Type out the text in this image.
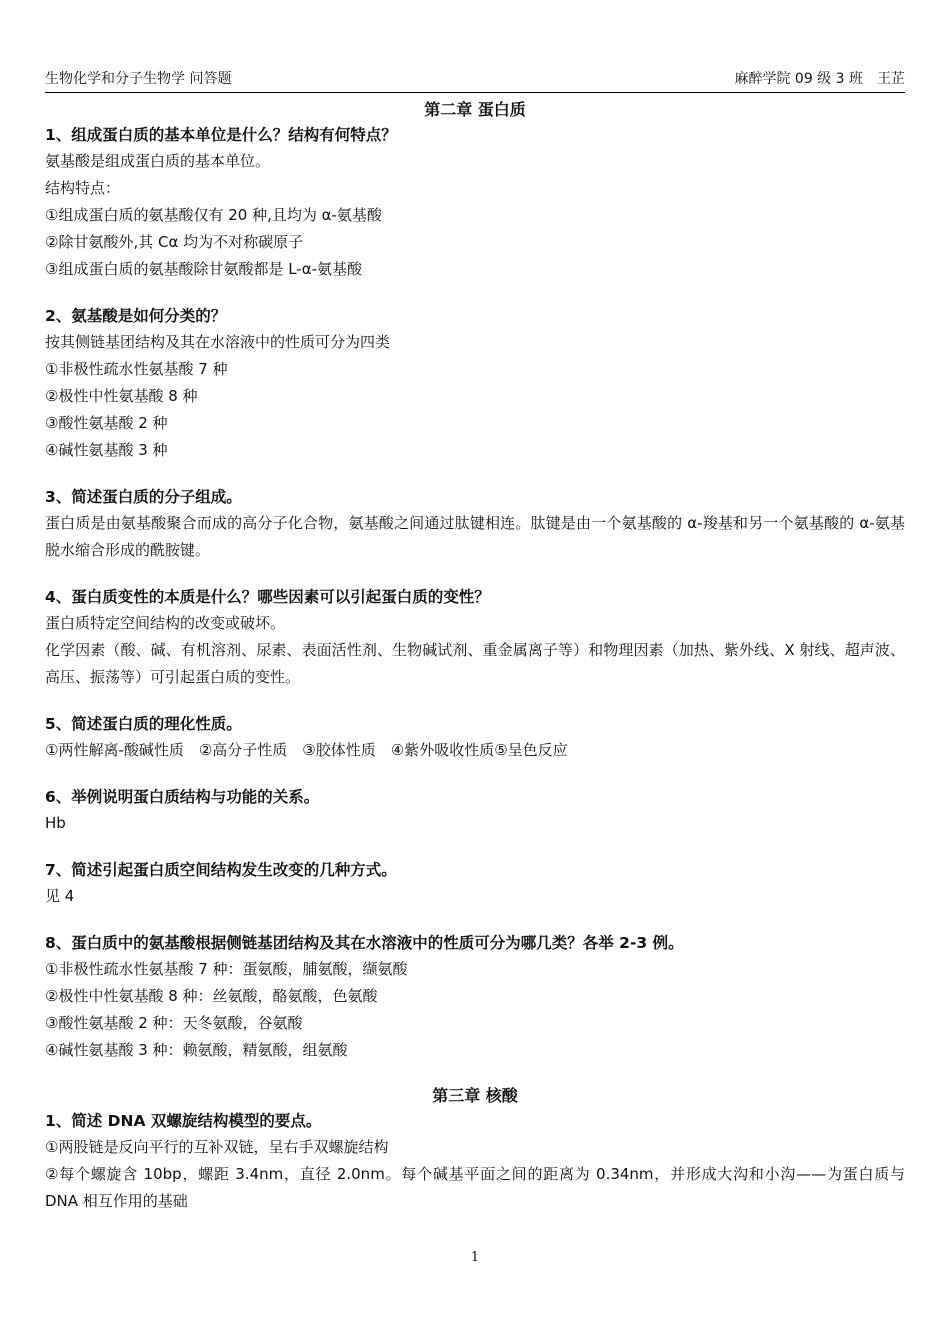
生物化学和分子生物学 问答题	麻醉学院 09 级 3 班　王芷
第二章 蛋白质
1、组成蛋白质的基本单位是什么？结构有何特点？
氨基酸是组成蛋白质的基本单位。
结构特点：
①组成蛋白质的氨基酸仅有 20 种,且均为 α-氨基酸
②除甘氨酸外,其 Cα 均为不对称碳原子
③组成蛋白质的氨基酸除甘氨酸都是 L-α-氨基酸
2、氨基酸是如何分类的？
按其侧链基团结构及其在水溶液中的性质可分为四类
①非极性疏水性氨基酸 7 种
②极性中性氨基酸 8 种
③酸性氨基酸 2 种
④碱性氨基酸 3 种
3、简述蛋白质的分子组成。
蛋白质是由氨基酸聚合而成的高分子化合物，氨基酸之间通过肽键相连。肽键是由一个氨基酸的 α-羧基和另一个氨基酸的 α-氨基脱水缩合形成的酰胺键。
4、蛋白质变性的本质是什么？哪些因素可以引起蛋白质的变性？
蛋白质特定空间结构的改变或破坏。
化学因素（酸、碱、有机溶剂、尿素、表面活性剂、生物碱试剂、重金属离子等）和物理因素（加热、紫外线、X 射线、超声波、高压、振荡等）可引起蛋白质的变性。
5、简述蛋白质的理化性质。
①两性解离-酸碱性质　②高分子性质　③胶体性质　④紫外吸收性质⑤呈色反应
6、举例说明蛋白质结构与功能的关系。
Hb
7、简述引起蛋白质空间结构发生改变的几种方式。
见 4
8、蛋白质中的氨基酸根据侧链基团结构及其在水溶液中的性质可分为哪几类？各举 2-3 例。
①非极性疏水性氨基酸 7 种：蛋氨酸，脯氨酸，缬氨酸
②极性中性氨基酸 8 种：丝氨酸，酪氨酸，色氨酸
③酸性氨基酸 2 种：天冬氨酸，谷氨酸
④碱性氨基酸 3 种：赖氨酸，精氨酸，组氨酸
第三章 核酸
1、简述 DNA 双螺旋结构模型的要点。
①两股链是反向平行的互补双链，呈右手双螺旋结构
②每个螺旋含 10bp，螺距 3.4nm，直径 2.0nm。每个碱基平面之间的距离为 0.34nm，并形成大沟和小沟——为蛋白质与 DNA 相互作用的基础
1
